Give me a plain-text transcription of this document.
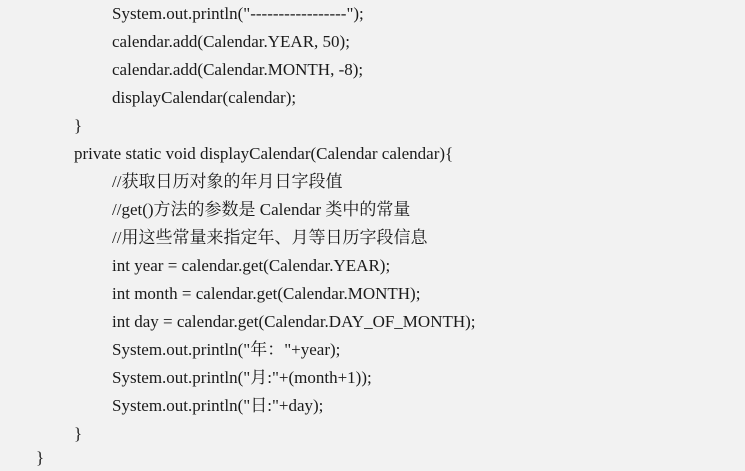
System.out.println("-----------------");
calendar.add(Calendar.YEAR, 50);
calendar.add(Calendar.MONTH, -8);
displayCalendar(calendar);
}
private static void displayCalendar(Calendar calendar){
//获取日历对象的年月日字段值
//get()方法的参数是 Calendar 类中的常量
//用这些常量来指定年、月等日历字段信息
int year = calendar.get(Calendar.YEAR);
int month = calendar.get(Calendar.MONTH);
int day = calendar.get(Calendar.DAY_OF_MONTH);
System.out.println("年："+year);
System.out.println("月:"+(month+1));
System.out.println("日:"+day);
}
}
